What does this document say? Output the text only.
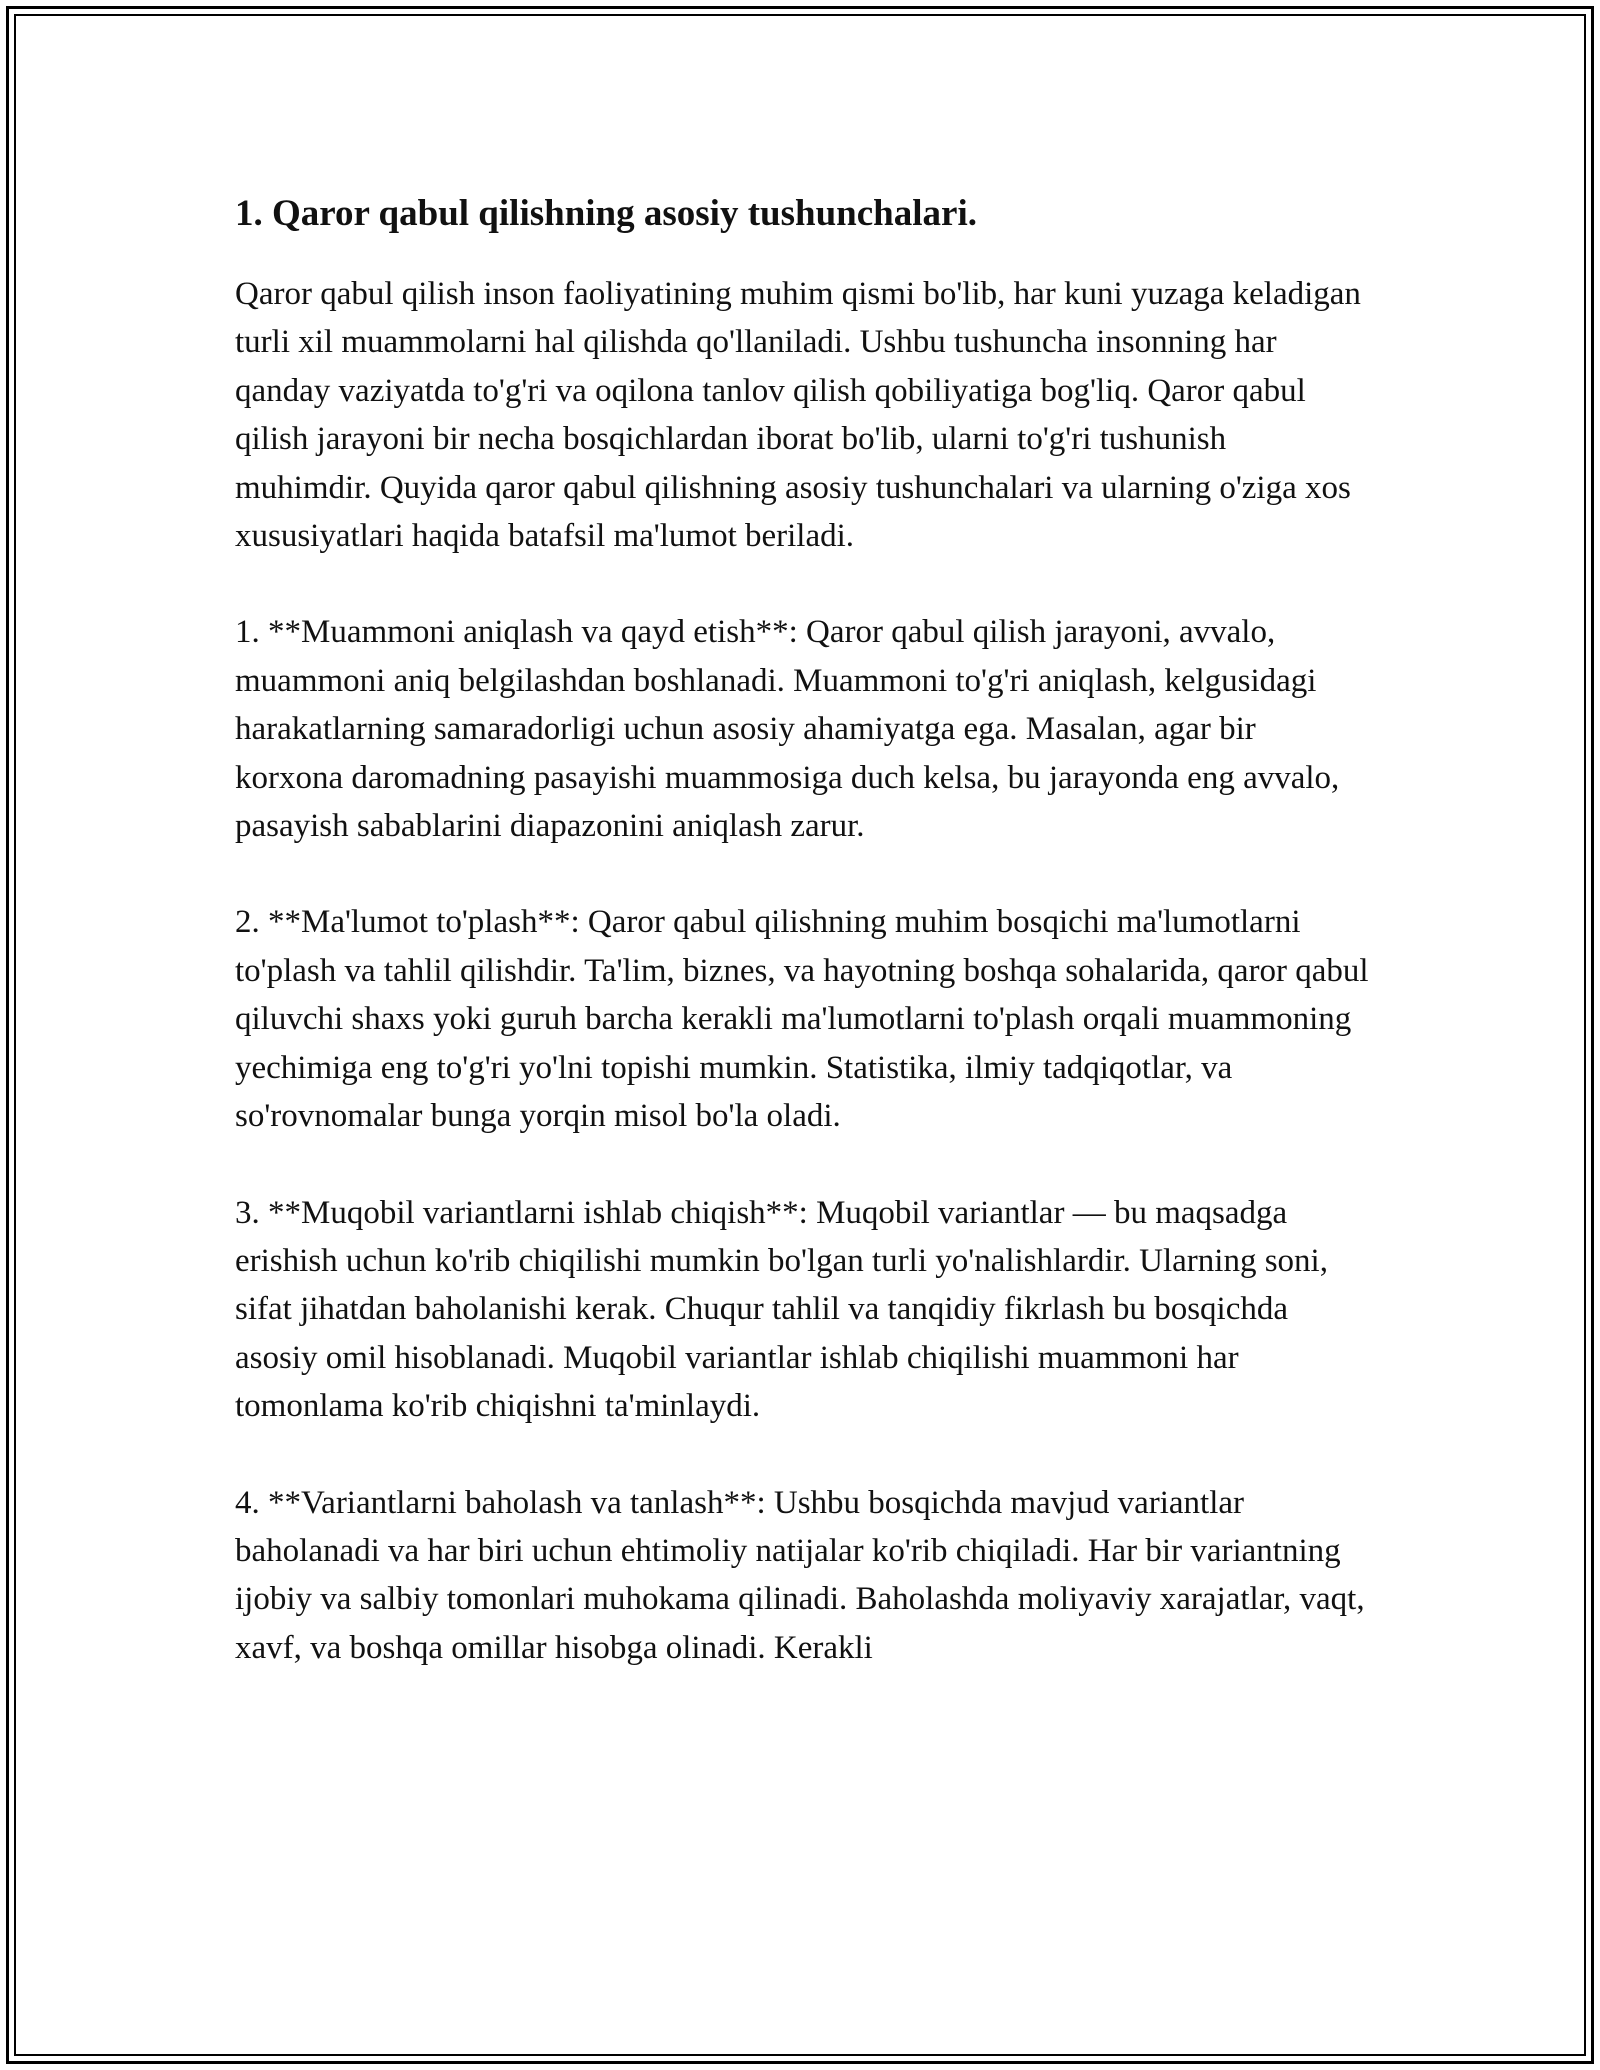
1. Qaror qabul qilishning asosiy tushunchalari.

Qaror qabul qilish inson faoliyatining muhim qismi bo'lib, har kuni yuzaga keladigan turli xil muammolarni hal qilishda qo'llaniladi. Ushbu tushuncha insonning har qanday vaziyatda to'g'ri va oqilona tanlov qilish qobiliyatiga bog'liq. Qaror qabul qilish jarayoni bir necha bosqichlardan iborat bo'lib, ularni to'g'ri tushunish muhimdir. Quyida qaror qabul qilishning asosiy tushunchalari va ularning o'ziga xos xususiyatlari haqida batafsil ma'lumot beriladi.

1. **Muammoni aniqlash va qayd etish**: Qaror qabul qilish jarayoni, avvalo, muammoni aniq belgilashdan boshlanadi. Muammoni to'g'ri aniqlash, kelgusidagi harakatlarning samaradorligi uchun asosiy ahamiyatga ega. Masalan, agar bir korxona daromadning pasayishi muammosiga duch kelsa, bu jarayonda eng avvalo, pasayish sabablarini diapazonini aniqlash zarur.

2. **Ma'lumot to'plash**: Qaror qabul qilishning muhim bosqichi ma'lumotlarni to'plash va tahlil qilishdir. Ta'lim, biznes, va hayotning boshqa sohalarida, qaror qabul qiluvchi shaxs yoki guruh barcha kerakli ma'lumotlarni to'plash orqali muammoning yechimiga eng to'g'ri yo'lni topishi mumkin. Statistika, ilmiy tadqiqotlar, va so'rovnomalar bunga yorqin misol bo'la oladi.

3. **Muqobil variantlarni ishlab chiqish**: Muqobil variantlar — bu maqsadga erishish uchun ko'rib chiqilishi mumkin bo'lgan turli yo'nalishlardir. Ularning soni, sifat jihatdan baholanishi kerak. Chuqur tahlil va tanqidiy fikrlash bu bosqichda asosiy omil hisoblanadi. Muqobil variantlar ishlab chiqilishi muammoni har tomonlama ko'rib chiqishni ta'minlaydi.

4. **Variantlarni baholash va tanlash**: Ushbu bosqichda mavjud variantlar baholanadi va har biri uchun ehtimoliy natijalar ko'rib chiqiladi. Har bir variantning ijobiy va salbiy tomonlari muhokama qilinadi. Baholashda moliyaviy xarajatlar, vaqt, xavf, va boshqa omillar hisobga olinadi. Kerakli
